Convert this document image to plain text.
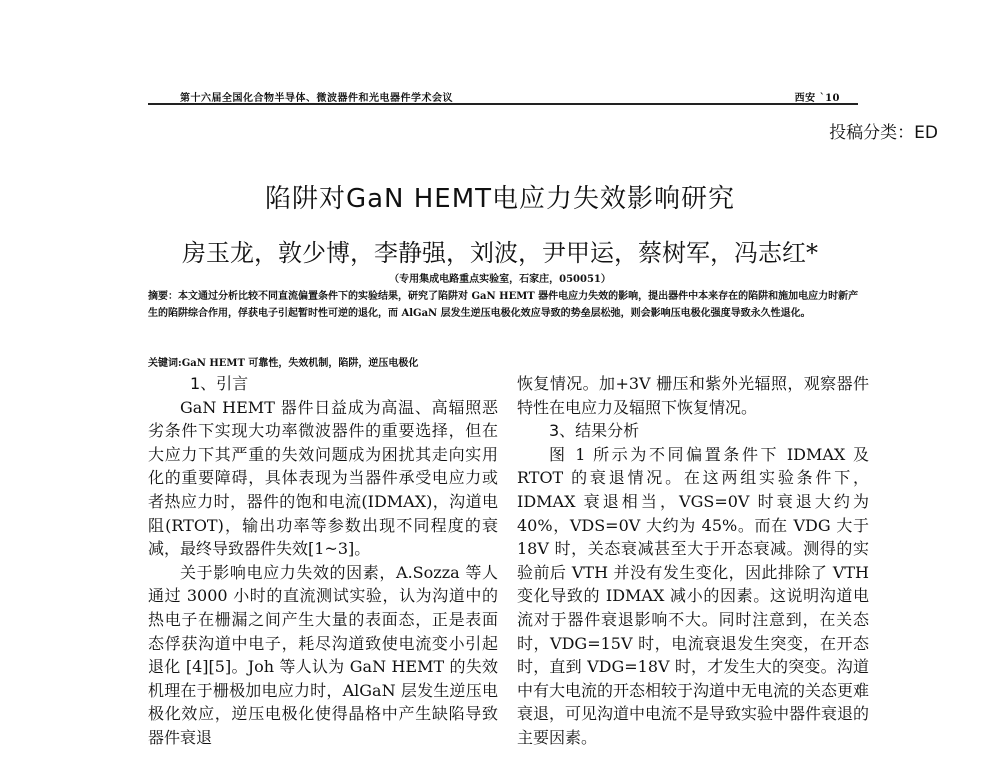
第十六届全国化合物半导体、微波器件和光电器件学术会议	西安 `10
投稿分类：ED
陷阱对GaN HEMT电应力失效影响研究
房玉龙，敦少博，李静强，刘波，尹甲运，蔡树军，冯志红*
（专用集成电路重点实验室，石家庄，050051）
摘要：本文通过分析比较不同直流偏置条件下的实验结果，研究了陷阱对 GaN HEMT 器件电应力失效的影响，提出器件中本来存在的陷阱和施加电应力时新产生的陷阱综合作用，俘获电子引起暂时性可逆的退化，而 AlGaN 层发生逆压电极化效应导致的势垒层松弛，则会影响压电极化强度导致永久性退化。
关键词:GaN HEMT 可靠性，失效机制，陷阱，逆压电极化

1、引言

GaN HEMT 器件日益成为高温、高辐照恶劣条件下实现大功率微波器件的重要选择，但在大应力下其严重的失效问题成为困扰其走向实用化的重要障碍，具体表现为当器件承受电应力或者热应力时，器件的饱和电流(IDMAX)，沟道电阻(RTOT)，输出功率等参数出现不同程度的衰减，最终导致器件失效[1~3]。

关于影响电应力失效的因素，A.Sozza 等人通过 3000 小时的直流测试实验，认为沟道中的热电子在栅漏之间产生大量的表面态，正是表面态俘获沟道中电子，耗尽沟道致使电流变小引起退化 [4][5]。Joh 等人认为 GaN HEMT 的失效机理在于栅极加电应力时，AlGaN 层发生逆压电极化效应，逆压电极化使得晶格中产生缺陷导致器件衰退

恢复情况。加+3V 栅压和紫外光辐照，观察器件特性在电应力及辐照下恢复情况。

3、结果分析

图 1 所示为不同偏置条件下 IDMAX 及 RTOT 的衰退情况。在这两组实验条件下，IDMAX 衰退相当，VGS=0V 时衰退大约为 40%，VDS=0V 大约为 45%。而在 VDG 大于 18V 时，关态衰减甚至大于开态衰减。测得的实验前后 VTH 并没有发生变化，因此排除了 VTH 变化导致的 IDMAX 减小的因素。这说明沟道电流对于器件衰退影响不大。同时注意到，在关态时，VDG=15V 时，电流衰退发生突变，在开态时，直到 VDG=18V 时，才发生大的突变。沟道中有大电流的开态相较于沟道中无电流的关态更难衰退，可见沟道中电流不是导致实验中器件衰退的主要因素。
